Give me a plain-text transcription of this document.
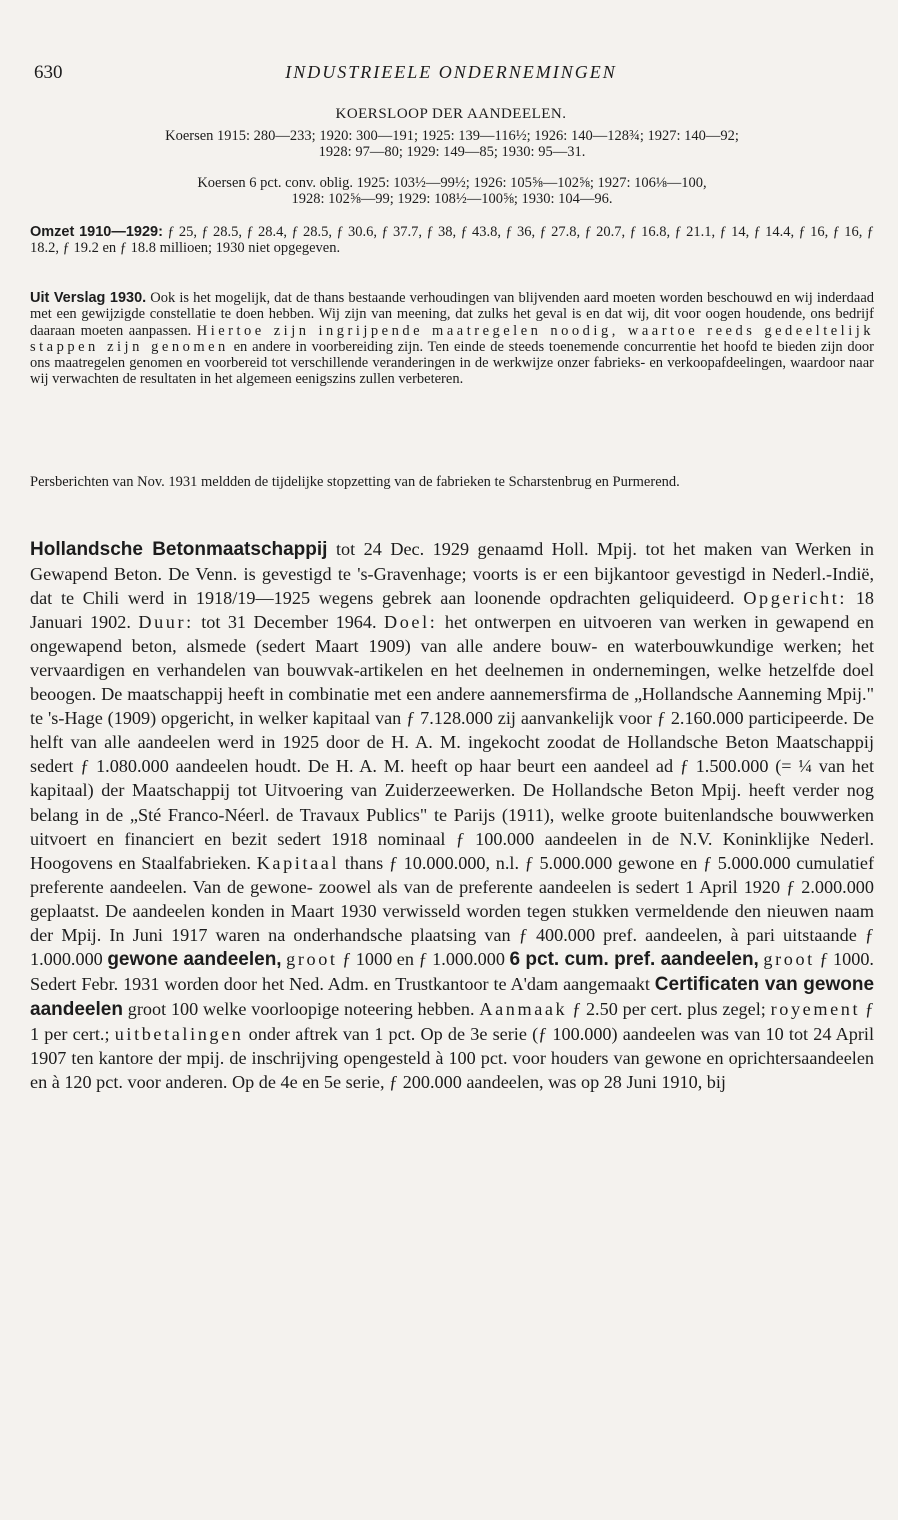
630	INDUSTRIEELE ONDERNEMINGEN
KOERSLOOP DER AANDEELEN.

Koersen 1915: 280—233; 1920: 300—191; 1925: 139—116½; 1926: 140—128¾; 1927: 140—92;

1928: 97—80; 1929: 149—85; 1930: 95—31.

Koersen 6 pct. conv. oblig. 1925: 103½—99½; 1926: 105⅝—102⅝; 1927: 106⅛—100,

1928: 102⅝—99; 1929: 108½—100⅝; 1930: 104—96.

Omzet 1910—1929: ƒ 25, ƒ 28.5, ƒ 28.4, ƒ 28.5, ƒ 30.6, ƒ 37.7, ƒ 38, ƒ 43.8, ƒ 36, ƒ 27.8, ƒ 20.7, ƒ 16.8, ƒ 21.1, ƒ 14, ƒ 14.4, ƒ 16, ƒ 16, ƒ 18.2, ƒ 19.2 en ƒ 18.8 millioen; 1930 niet opgegeven.

Uit Verslag 1930. Ook is het mogelijk, dat de thans bestaande verhoudingen van blijvenden aard moeten worden beschouwd en wij inderdaad met een gewijzigde constellatie te doen hebben. Wij zijn van meening, dat zulks het geval is en dat wij, dit voor oogen houdende, ons bedrijf daaraan moeten aanpassen. Hiertoe zijn ingrijpende maatregelen noodig, waartoe reeds gedeeltelijk stappen zijn genomen en andere in voorbereiding zijn. Ten einde de steeds toenemende concurrentie het hoofd te bieden zijn door ons maatregelen genomen en voorbereid tot verschillende veranderingen in de werkwijze onzer fabrieks- en verkoopafdeelingen, waardoor naar wij verwachten de resultaten in het algemeen eenigszins zullen verbeteren.

Persberichten van Nov. 1931 meldden de tijdelijke stopzetting van de fabrieken te Scharstenbrug en Purmerend.

Hollandsche Betonmaatschappij tot 24 Dec. 1929 genaamd Holl. Mpij. tot het maken van Werken in Gewapend Beton. De Venn. is gevestigd te 's-Gravenhage; voorts is er een bijkantoor gevestigd in Nederl.-Indië, dat te Chili werd in 1918/19—1925 wegens gebrek aan loonende opdrachten geliquideerd. Opgericht: 18 Januari 1902. Duur: tot 31 December 1964. Doel: het ontwerpen en uitvoeren van werken in gewapend en ongewapend beton, alsmede (sedert Maart 1909) van alle andere bouw- en waterbouwkundige werken; het vervaardigen en verhandelen van bouwvak-artikelen en het deelnemen in ondernemingen, welke hetzelfde doel beoogen. De maatschappij heeft in combinatie met een andere aannemersfirma de „Hollandsche Aanneming Mpij." te 's-Hage (1909) opgericht, in welker kapitaal van ƒ 7.128.000 zij aanvankelijk voor ƒ 2.160.000 participeerde. De helft van alle aandeelen werd in 1925 door de H. A. M. ingekocht zoodat de Hollandsche Beton Maatschappij sedert ƒ 1.080.000 aandeelen houdt. De H. A. M. heeft op haar beurt een aandeel ad ƒ 1.500.000 (= ¼ van het kapitaal) der Maatschappij tot Uitvoering van Zuiderzeewerken. De Hollandsche Beton Mpij. heeft verder nog belang in de „Sté Franco-Néerl. de Travaux Publics" te Parijs (1911), welke groote buitenlandsche bouwwerken uitvoert en financiert en bezit sedert 1918 nominaal ƒ 100.000 aandeelen in de N.V. Koninklijke Nederl. Hoogovens en Staalfabrieken. Kapitaal thans ƒ 10.000.000, n.l. ƒ 5.000.000 gewone en ƒ 5.000.000 cumulatief preferente aandeelen. Van de gewone- zoowel als van de preferente aandeelen is sedert 1 April 1920 ƒ 2.000.000 geplaatst. De aandeelen konden in Maart 1930 verwisseld worden tegen stukken vermeldende den nieuwen naam der Mpij. In Juni 1917 waren na onderhandsche plaatsing van ƒ 400.000 pref. aandeelen, à pari uitstaande ƒ 1.000.000 gewone aandeelen, groot ƒ 1000 en ƒ 1.000.000 6 pct. cum. pref. aandeelen, groot ƒ 1000. Sedert Febr. 1931 worden door het Ned. Adm. en Trustkantoor te A'dam aangemaakt Certificaten van gewone aandeelen groot 100 welke voorloopige noteering hebben. Aanmaak ƒ 2.50 per cert. plus zegel; royement ƒ 1 per cert.; uitbetalingen onder aftrek van 1 pct. Op de 3e serie (ƒ 100.000) aandeelen was van 10 tot 24 April 1907 ten kantore der mpij. de inschrijving opengesteld à 100 pct. voor houders van gewone en oprichtersaandeelen en à 120 pct. voor anderen. Op de 4e en 5e serie, ƒ 200.000 aandeelen, was op 28 Juni 1910, bij
